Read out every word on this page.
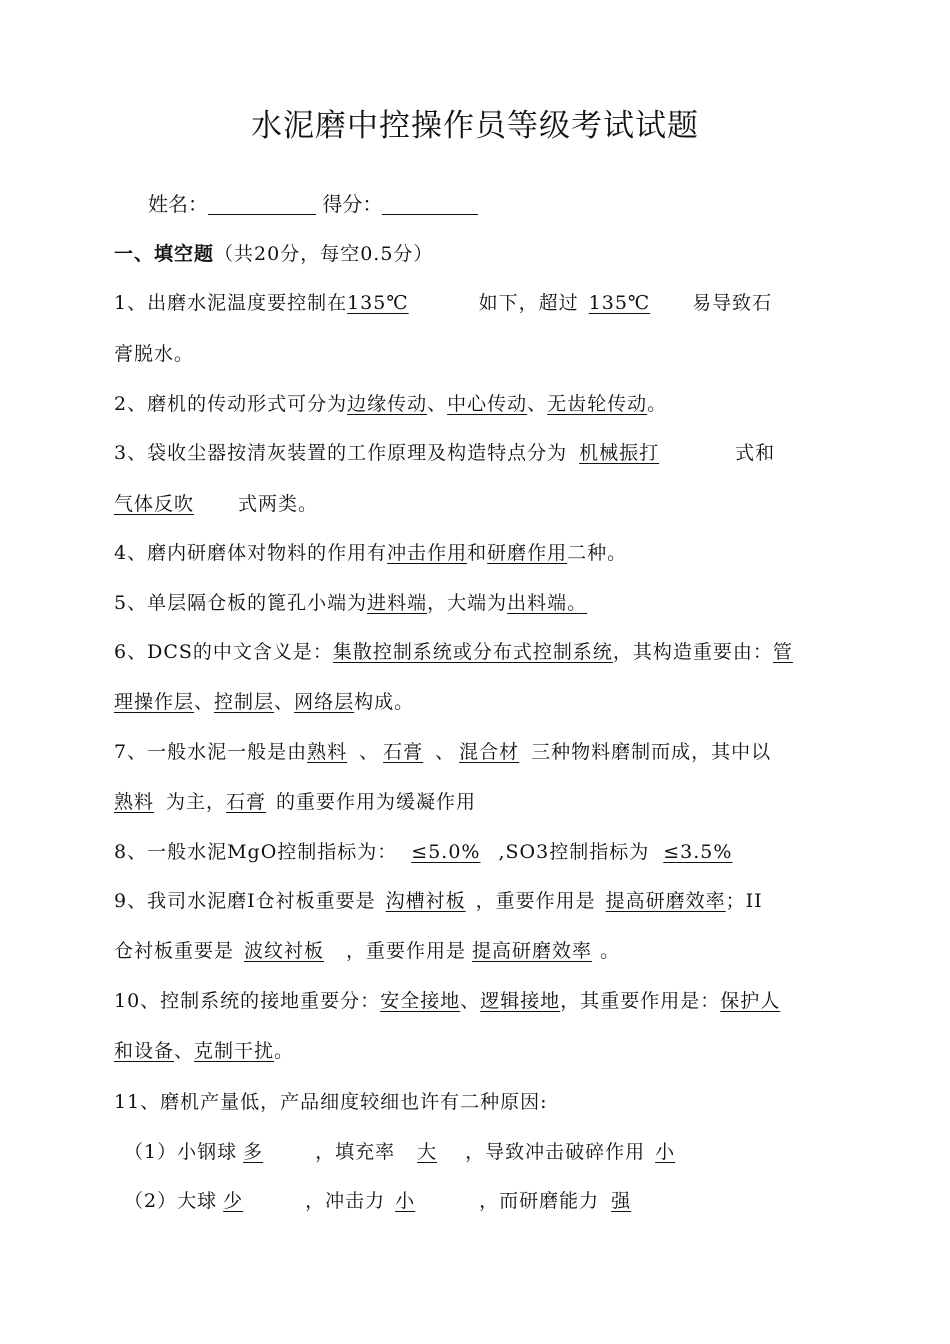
水泥磨中控操作员等级考试试题
姓名：	得分：
一、填空题（共20分，每空0.5分）
1、出磨水泥温度要控制在135℃	如下，超过 135℃ 易导致石
膏脱水。
2、磨机的传动形式可分为边缘传动、中心传动、无齿轮传动。
3、袋收尘器按清灰装置的工作原理及构造特点分为 机械振打	式和
气体反吹 式两类。
4、磨内研磨体对物料的作用有冲击作用和研磨作用二种。
5、单层隔仓板的篦孔小端为进料端，大端为出料端。
6、DCS的中文含义是：集散控制系统或分布式控制系统，其构造重要由：管
理操作层、控制层、网络层构成。
7、一般水泥一般是由熟料 、 石膏 、 混合材 三种物料磨制而成，其中以
熟料 为主，石膏 的重要作用为缓凝作用
8、一般水泥MgO控制指标为： ≤5.0% ,SO3控制指标为 ≤3.5%
9、我司水泥磨Ⅰ仓衬板重要是 沟槽衬板 ，重要作用是 提高研磨效率；II
仓衬板重要是 波纹衬板 ，重要作用是 提高研磨效率 。
10、控制系统的接地重要分：安全接地、逻辑接地，其重要作用是：保护人
和设备、克制干扰。
11、磨机产量低，产品细度较细也许有二种原因:
（1）小钢球 多	，填充率 大 ，导致冲击破碎作用 小
（2）大球 少	，冲击力 小	，而研磨能力 强
